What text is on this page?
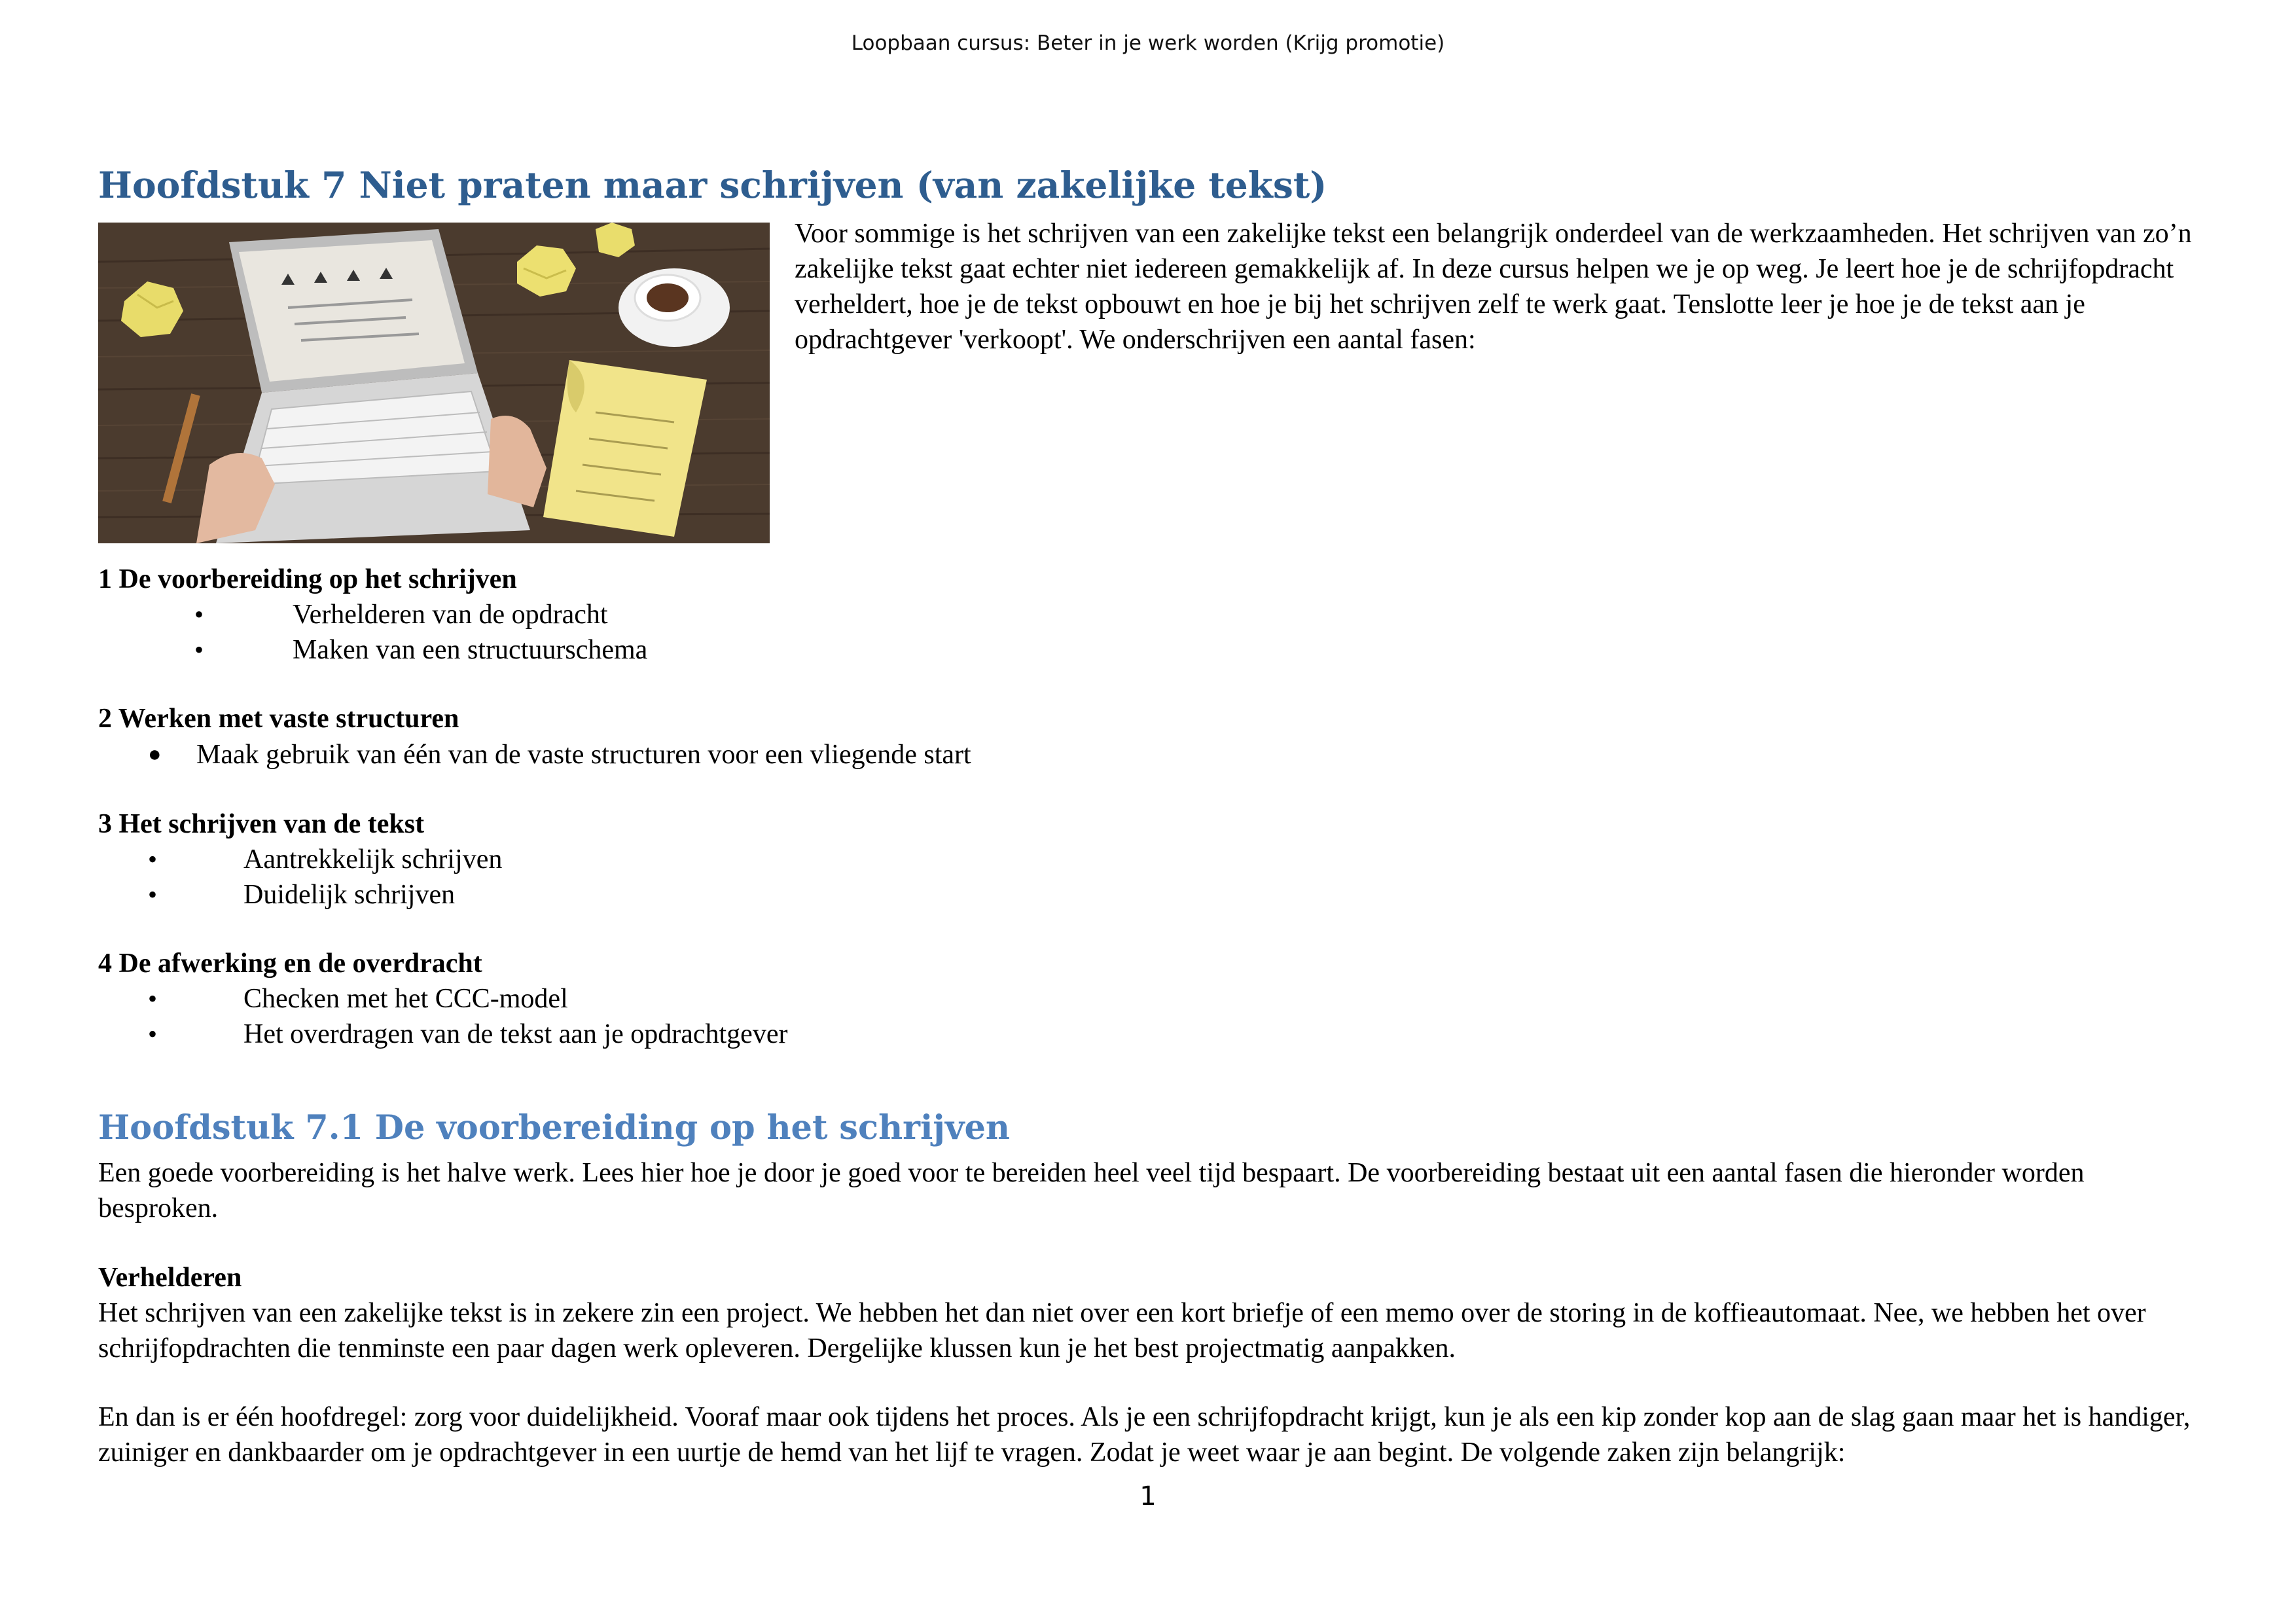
Loopbaan cursus: Beter in je werk worden (Krijg promotie)
Hoofdstuk 7 Niet praten maar schrijven (van zakelijke tekst)

Voor sommige is het schrijven van een zakelijke tekst een belangrijk onderdeel van de werkzaamheden. Het schrijven van zo’n zakelijke tekst gaat echter niet iedereen gemakkelijk af. In deze cursus helpen we je op weg. Je leert hoe je de schrijfopdracht verheldert, hoe je de tekst opbouwt en hoe je bij het schrijven zelf te werk gaat. Tenslotte leer je hoe je de tekst aan je opdrachtgever 'verkoopt'. We onderschrijven een aantal fasen:

1 De voorbereiding op het schrijven

•	Verhelderen van de opdracht

•	Maken van een structuurschema

2 Werken met vaste structuren

● Maak gebruik van één van de vaste structuren voor een vliegende start

3 Het schrijven van de tekst

•	Aantrekkelijk schrijven

•	Duidelijk schrijven

4 De afwerking en de overdracht

•	Checken met het CCC-model

•	Het overdragen van de tekst aan je opdrachtgever

Hoofdstuk 7.1 De voorbereiding op het schrijven

Een goede voorbereiding is het halve werk. Lees hier hoe je door je goed voor te bereiden heel veel tijd bespaart. De voorbereiding bestaat uit een aantal fasen die hieronder worden besproken.

Verhelderen

Het schrijven van een zakelijke tekst is in zekere zin een project. We hebben het dan niet over een kort briefje of een memo over de storing in de koffieautomaat. Nee, we hebben het over schrijfopdrachten die tenminste een paar dagen werk opleveren. Dergelijke klussen kun je het best projectmatig aanpakken.

En dan is er één hoofdregel: zorg voor duidelijkheid. Vooraf maar ook tijdens het proces. Als je een schrijfopdracht krijgt, kun je als een kip zonder kop aan de slag gaan maar het is handiger, zuiniger en dankbaarder om je opdrachtgever in een uurtje de hemd van het lijf te vragen. Zodat je weet waar je aan begint. De volgende zaken zijn belangrijk:

1
